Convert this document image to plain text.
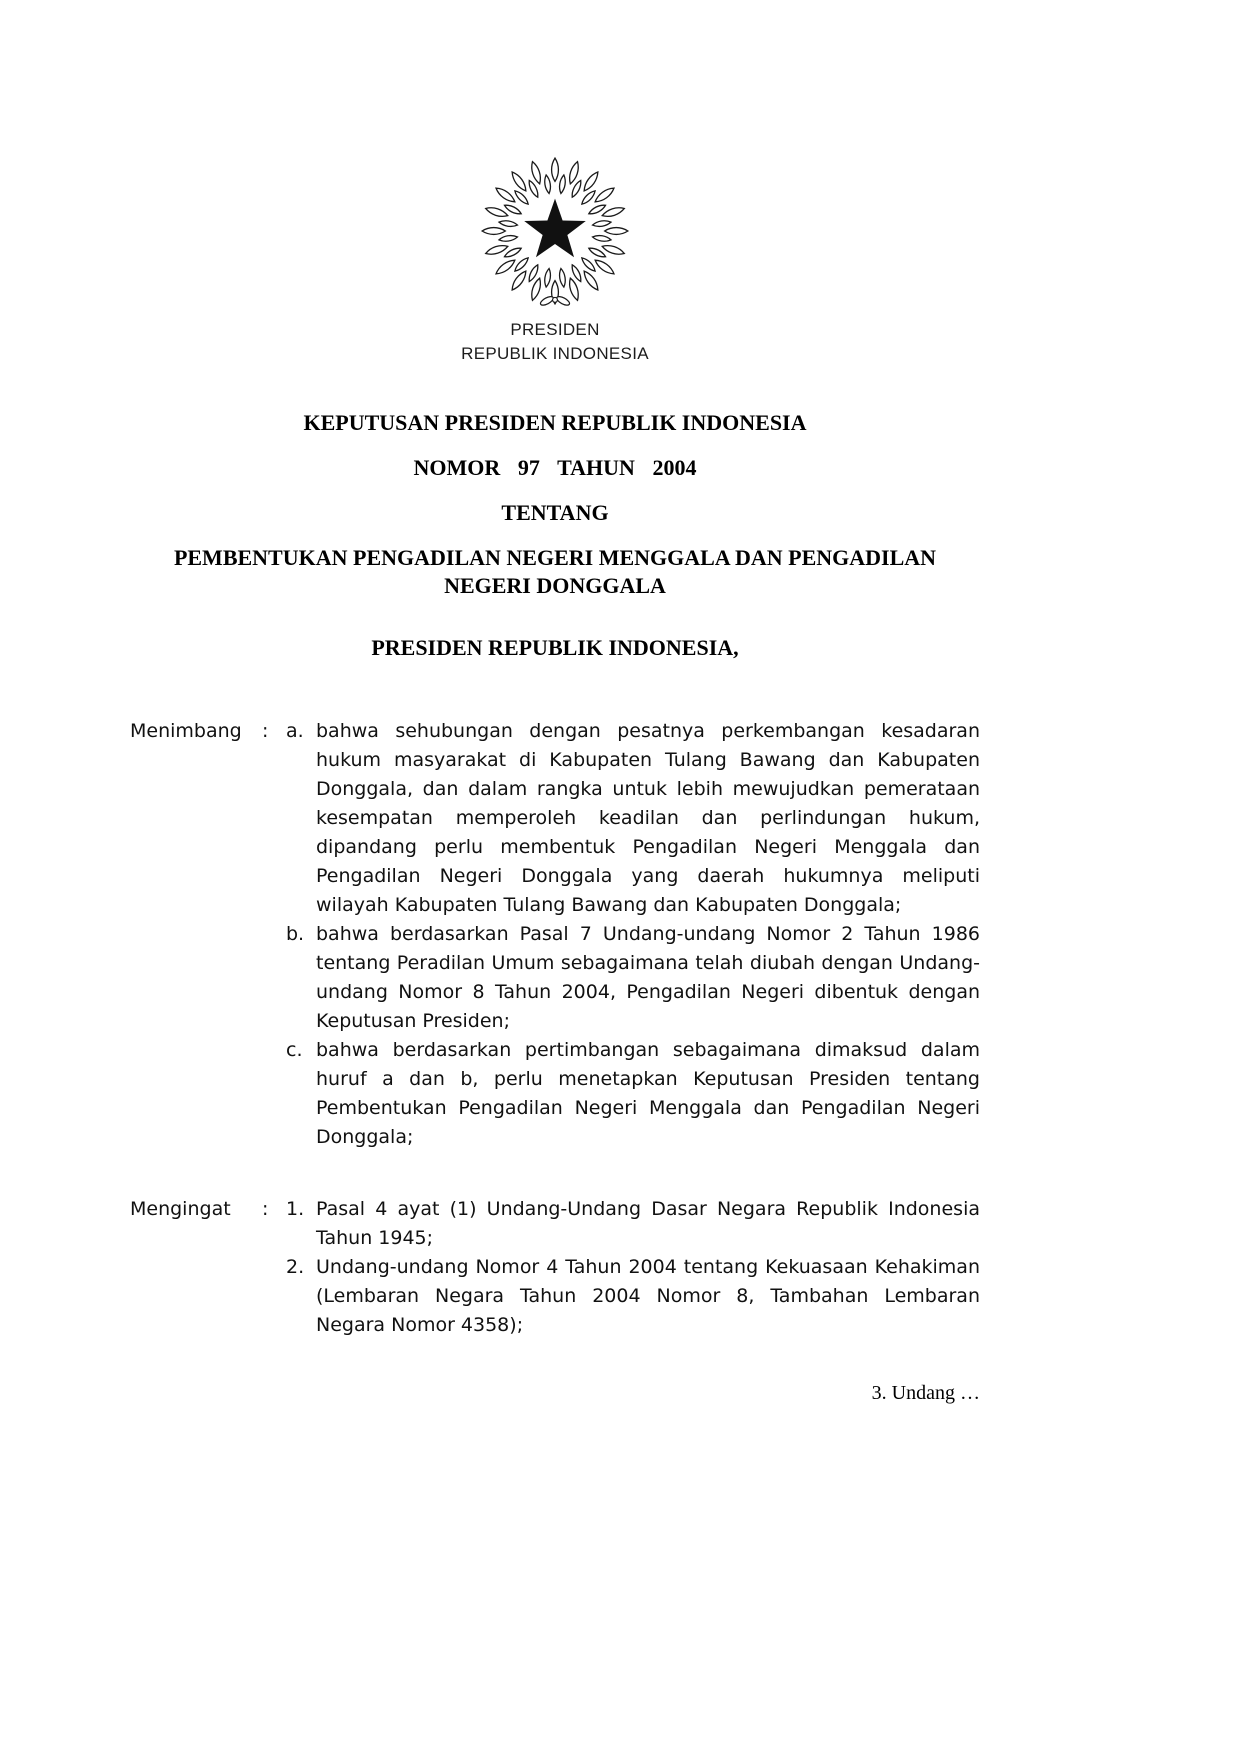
PRESIDEN
REPUBLIK INDONESIA
KEPUTUSAN PRESIDEN REPUBLIK INDONESIA
NOMOR 97 TAHUN 2004
TENTANG
PEMBENTUKAN PENGADILAN NEGERI MENGGALA DAN PENGADILAN
NEGERI DONGGALA
PRESIDEN REPUBLIK INDONESIA,
Menimbang	: a. bahwa sehubungan dengan pesatnya perkembangan kesadaran hukum masyarakat di Kabupaten Tulang Bawang dan Kabupaten Donggala, dan dalam rangka untuk lebih mewujudkan pemerataan kesempatan memperoleh keadilan dan perlindungan hukum, dipandang perlu membentuk Pengadilan Negeri Menggala dan Pengadilan Negeri Donggala yang daerah hukumnya meliputi wilayah Kabupaten Tulang Bawang dan Kabupaten Donggala;
b. bahwa berdasarkan Pasal 7 Undang-undang Nomor 2 Tahun 1986 tentang Peradilan Umum sebagaimana telah diubah dengan Undang-undang Nomor 8 Tahun 2004, Pengadilan Negeri dibentuk dengan Keputusan Presiden;
c. bahwa berdasarkan pertimbangan sebagaimana dimaksud dalam huruf a dan b, perlu menetapkan Keputusan Presiden tentang Pembentukan Pengadilan Negeri Menggala dan Pengadilan Negeri Donggala;
Mengingat	: 1. Pasal 4 ayat (1) Undang-Undang Dasar Negara Republik Indonesia Tahun 1945;
2. Undang-undang Nomor 4 Tahun 2004 tentang Kekuasaan Kehakiman (Lembaran Negara Tahun 2004 Nomor 8, Tambahan Lembaran Negara Nomor 4358);
3. Undang …
